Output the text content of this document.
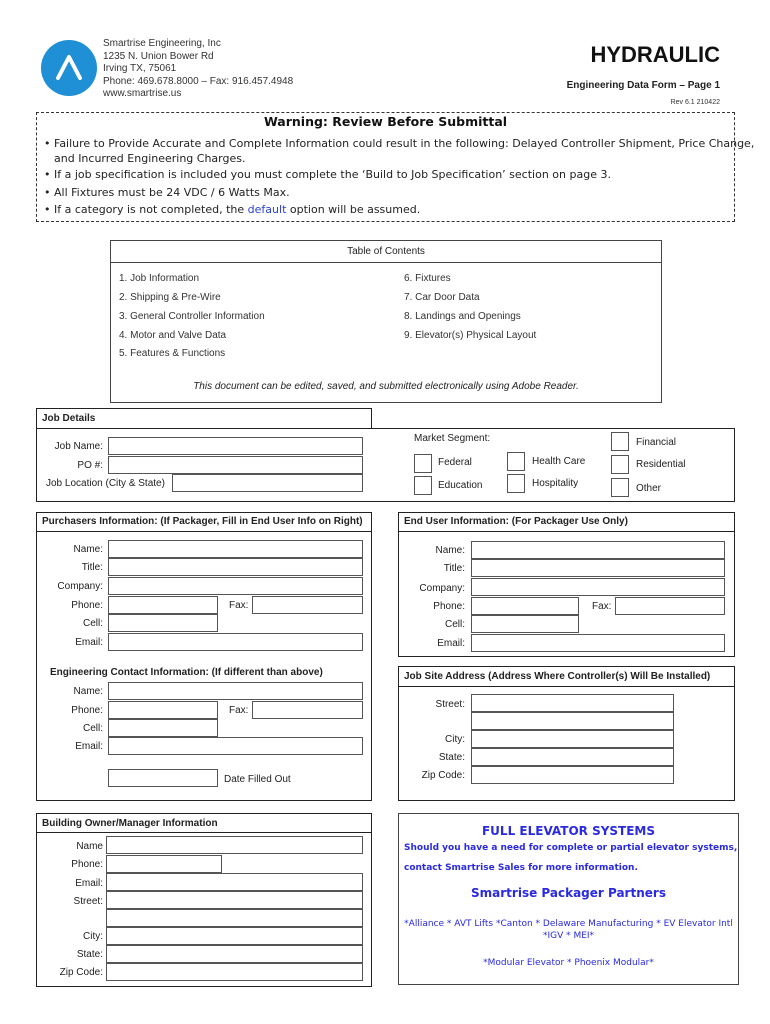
Smartrise Engineering, Inc
1235 N. Union Bower Rd
Irving TX, 75061
Phone: 469.678.8000 – Fax: 916.457.4948
www.smartrise.us
HYDRAULIC
Engineering Data Form – Page 1
Rev 6.1 210422
Warning: Review Before Submittal
• Failure to Provide Accurate and Complete Information could result in the following: Delayed Controller Shipment, Price Change,
and Incurred Engineering Charges.
• If a job specification is included you must complete the ‘Build to Job Specification’ section on page 3.
• All Fixtures must be 24 VDC / 6 Watts Max.
• If a category is not completed, the default option will be assumed.
Table of Contents
1. Job Information
2. Shipping & Pre-Wire
3. General Controller Information
4. Motor and Valve Data
5. Features & Functions
6. Fixtures
7. Car Door Data
8. Landings and Openings
9. Elevator(s) Physical Layout
This document can be edited, saved, and submitted electronically using Adobe Reader.
Job Details
Job Name:
PO #:
Job Location (City & State)
Market Segment:
Federal
Education
Health Care
Hospitality
Financial
Residential
Other
Purchasers Information: (If Packager, Fill in End User Info on Right)
Name:
Title:
Company:
Phone:	Fax:
Cell:
Email:
Engineering Contact Information: (If different than above)
Name:
Phone:	Fax:
Cell:
Email:
Date Filled Out
End User Information: (For Packager Use Only)
Name:
Title:
Company:
Phone:	Fax:
Cell:
Email:
Job Site Address (Address Where Controller(s) Will Be Installed)
Street:
City:
State:
Zip Code:
Building Owner/Manager Information
Name
Phone:
Email:
Street:
City:
State:
Zip Code:
FULL ELEVATOR SYSTEMS
Should you have a need for complete or partial elevator systems,
contact Smartrise Sales for more information.
Smartrise Packager Partners
*Alliance * AVT Lifts *Canton * Delaware Manufacturing * EV Elevator Intl
*IGV * MEI*
*Modular Elevator * Phoenix Modular*
